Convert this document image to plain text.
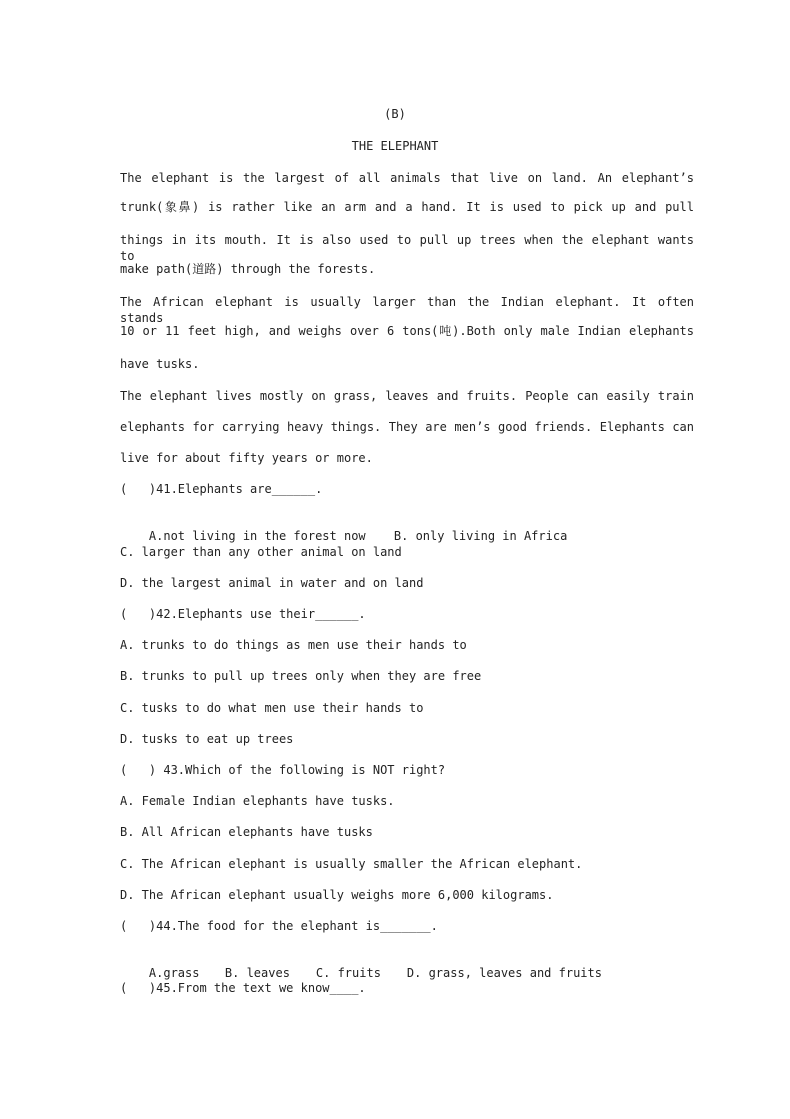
(B)
THE ELEPHANT
The elephant is the largest of all animals that live on land. An elephant’s
trunk(象鼻) is rather like an arm and a hand. It is used to pick up and pull
things in its mouth. It is also used to pull up trees when the elephant wants to
make path(道路) through the forests.
The African elephant is usually larger than the Indian elephant. It often stands
10 or 11 feet high, and weighs over 6 tons(吨).Both only male Indian elephants
have tusks.
The elephant lives mostly on grass, leaves and fruits. People can easily train
elephants for carrying heavy things. They are men’s good friends. Elephants can
live for about fifty years or more.
(   )41.Elephants are______.

A.not living in the forest now B. only living in Africa

C. larger than any other animal on land
D. the largest animal in water and on land
(   )42.Elephants use their______.
A. trunks to do things as men use their hands to
B. trunks to pull up trees only when they are free
C. tusks to do what men use their hands to
D. tusks to eat up trees
(   ) 43.Which of the following is NOT right?
A. Female Indian elephants have tusks.
B. All African elephants have tusks
C. The African elephant is usually smaller the African elephant.
D. The African elephant usually weighs more 6,000 kilograms.
(   )44.The food for the elephant is_______.

A.grass B. leaves C. fruits D. grass, leaves and fruits

(   )45.From the text we know____.
